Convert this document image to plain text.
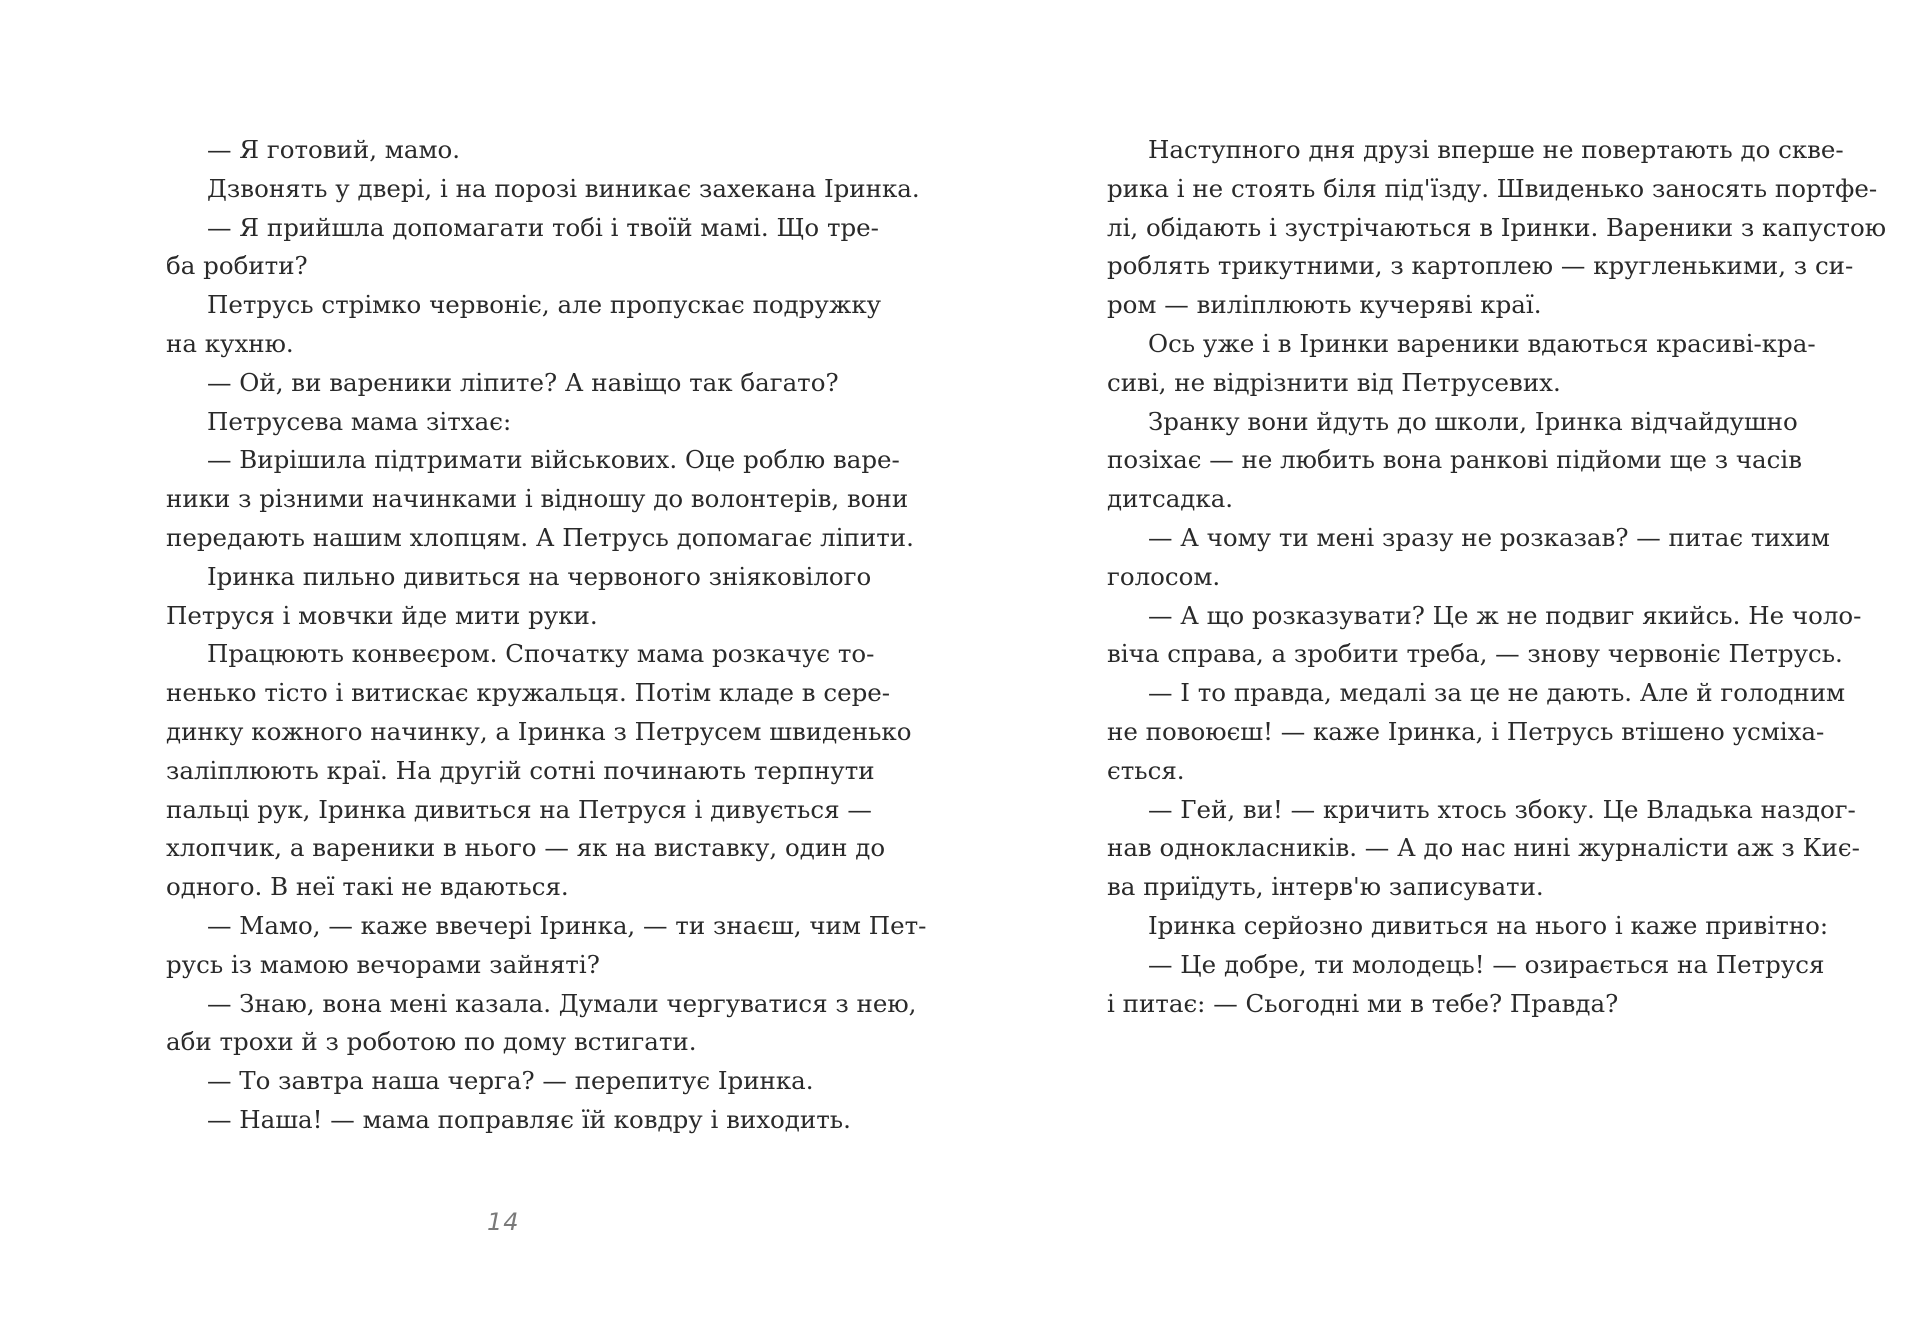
— Я готовий, мамо.
Дзвонять у двері, і на порозі виникає захекана Іринка.
— Я прийшла допомагати тобі і твоїй мамі. Що тре-
ба робити?
Петрусь стрімко червоніє, але пропускає подружку
на кухню.
— Ой, ви вареники ліпите? А навіщо так багато?
Петрусева мама зітхає:
— Вирішила підтримати військових. Оце роблю варе-
ники з різними начинками і відношу до волонтерів, вони
передають нашим хлопцям. А Петрусь допомагає ліпити.
Іринка пильно дивиться на червоного зніяковілого
Петруся і мовчки йде мити руки.
Працюють конвеєром. Спочатку мама розкачує то-
ненько тісто і витискає кружальця. Потім кладе в сере-
динку кожного начинку, а Іринка з Петрусем швиденько
заліплюють краї. На другій сотні починають терпнути
пальці рук, Іринка дивиться на Петруся і дивується —
хлопчик, а вареники в нього — як на виставку, один до
одного. В неї такі не вдаються.
— Мамо, — каже ввечері Іринка, — ти знаєш, чим Пет-
русь із мамою вечорами зайняті?
— Знаю, вона мені казала. Думали чергуватися з нею,
аби трохи й з роботою по дому встигати.
— То завтра наша черга? — перепитує Іринка.
— Наша! — мама поправляє їй ковдру і виходить.
Наступного дня друзі вперше не повертають до скве-
рика і не стоять біля під'їзду. Швиденько заносять портфе-
лі, обідають і зустрічаються в Іринки. Вареники з капустою
роблять трикутними, з картоплею — кругленькими, з си-
ром — виліплюють кучеряві краї.
Ось уже і в Іринки вареники вдаються красиві-кра-
сиві, не відрізнити від Петрусевих.
Зранку вони йдуть до школи, Іринка відчайдушно
позіхає — не любить вона ранкові підйоми ще з часів
дитсадка.
— А чому ти мені зразу не розказав? — питає тихим
голосом.
— А що розказувати? Це ж не подвиг якийсь. Не чоло-
віча справа, а зробити треба, — знову червоніє Петрусь.
— І то правда, медалі за це не дають. Але й голодним
не повоюєш! — каже Іринка, і Петрусь втішено усміха-
ється.
— Гей, ви! — кричить хтось збоку. Це Владька наздог-
нав однокласників. — А до нас нині журналісти аж з Киє-
ва приїдуть, інтерв'ю записувати.
Іринка серйозно дивиться на нього і каже привітно:
— Це добре, ти молодець! — озирається на Петруся
і питає: — Сьогодні ми в тебе? Правда?
14
